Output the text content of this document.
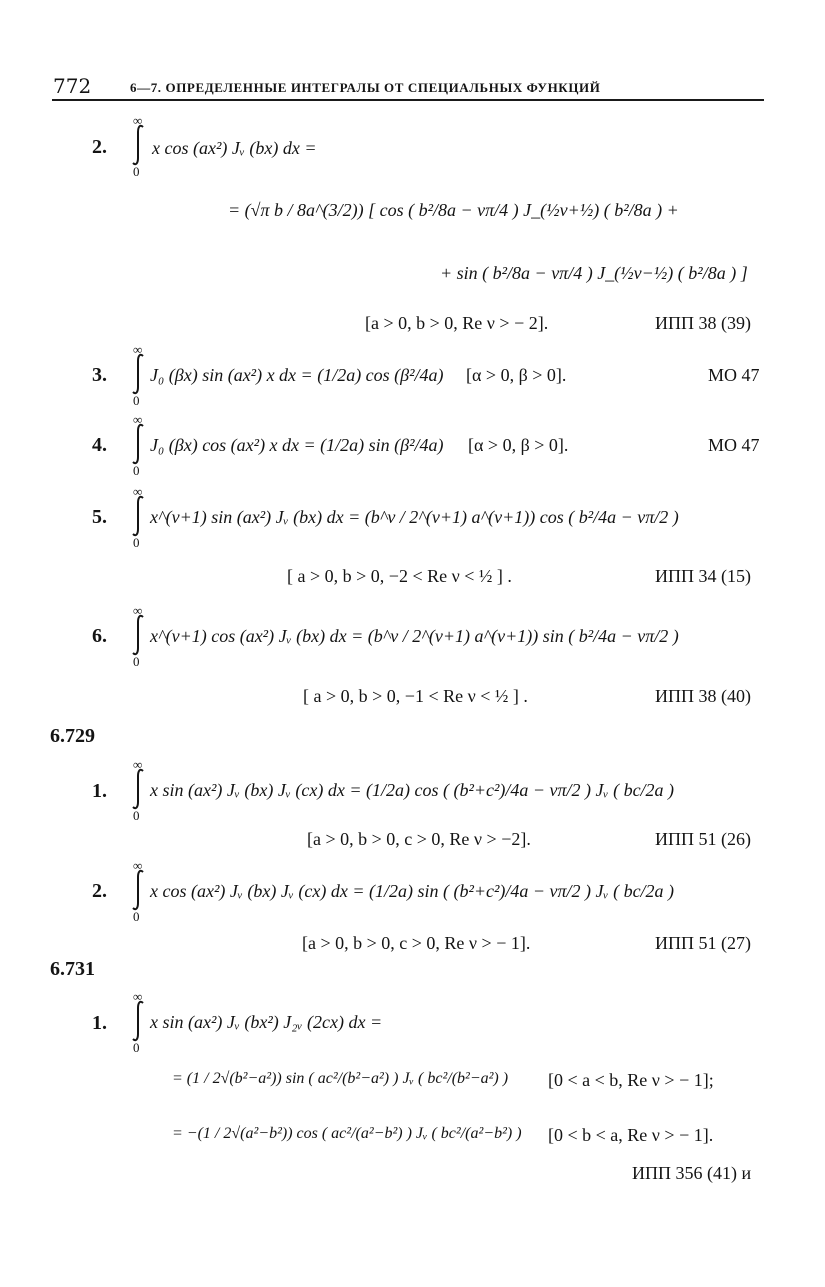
772	6—7. ОПРЕДЕЛЕННЫЕ ИНТЕГРАЛЫ ОТ СПЕЦИАЛЬНЫХ ФУНКЦИЙ
2.
∞
0
x cos (ax²) Jᵥ (bx) dx =
= (√π b / 8a^(3/2)) [ cos ( b²/8a − νπ/4 ) J_(½ν+½) ( b²/8a ) +
+ sin ( b²/8a − νπ/4 ) J_(½ν−½) ( b²/8a ) ]
[a > 0, b > 0, Re ν > − 2].	ИПП 38 (39)
3.
∞
0
J₀ (βx) sin (ax²) x dx = (1/2a) cos (β²/4a) [α > 0, β > 0].	МО 47
4.
∞
0
J₀ (βx) cos (ax²) x dx = (1/2a) sin (β²/4a) [α > 0, β > 0].	МО 47
5.
∞
0
x^(ν+1) sin (ax²) Jᵥ (bx) dx = (b^ν / 2^(ν+1) a^(ν+1)) cos ( b²/4a − νπ/2 )
[ a > 0, b > 0, −2 < Re ν < ½ ] .	ИПП 34 (15)
6.
∞
0
x^(ν+1) cos (ax²) Jᵥ (bx) dx = (b^ν / 2^(ν+1) a^(ν+1)) sin ( b²/4a − νπ/2 )
[ a > 0, b > 0, −1 < Re ν < ½ ] .	ИПП 38 (40)
6.729
1.
∞
0
x sin (ax²) Jᵥ (bx) Jᵥ (cx) dx = (1/2a) cos ( (b²+c²)/4a − νπ/2 ) Jᵥ ( bc/2a )
[a > 0, b > 0, c > 0, Re ν > −2].	ИПП 51 (26)
2.
∞
0
x cos (ax²) Jᵥ (bx) Jᵥ (cx) dx = (1/2a) sin ( (b²+c²)/4a − νπ/2 ) Jᵥ ( bc/2a )
[a > 0, b > 0, c > 0, Re ν > − 1].	ИПП 51 (27)
6.731
1.
∞
0
x sin (ax²) Jᵥ (bx²) J₂ᵥ (2cx) dx =
= (1 / 2√(b²−a²)) sin ( ac²/(b²−a²) ) Jᵥ ( bc²/(b²−a²) ) [0 < a < b, Re ν > − 1];
= −(1 / 2√(a²−b²)) cos ( ac²/(a²−b²) ) Jᵥ ( bc²/(a²−b²) ) [0 < b < a, Re ν > − 1].
ИПП 356 (41) и
